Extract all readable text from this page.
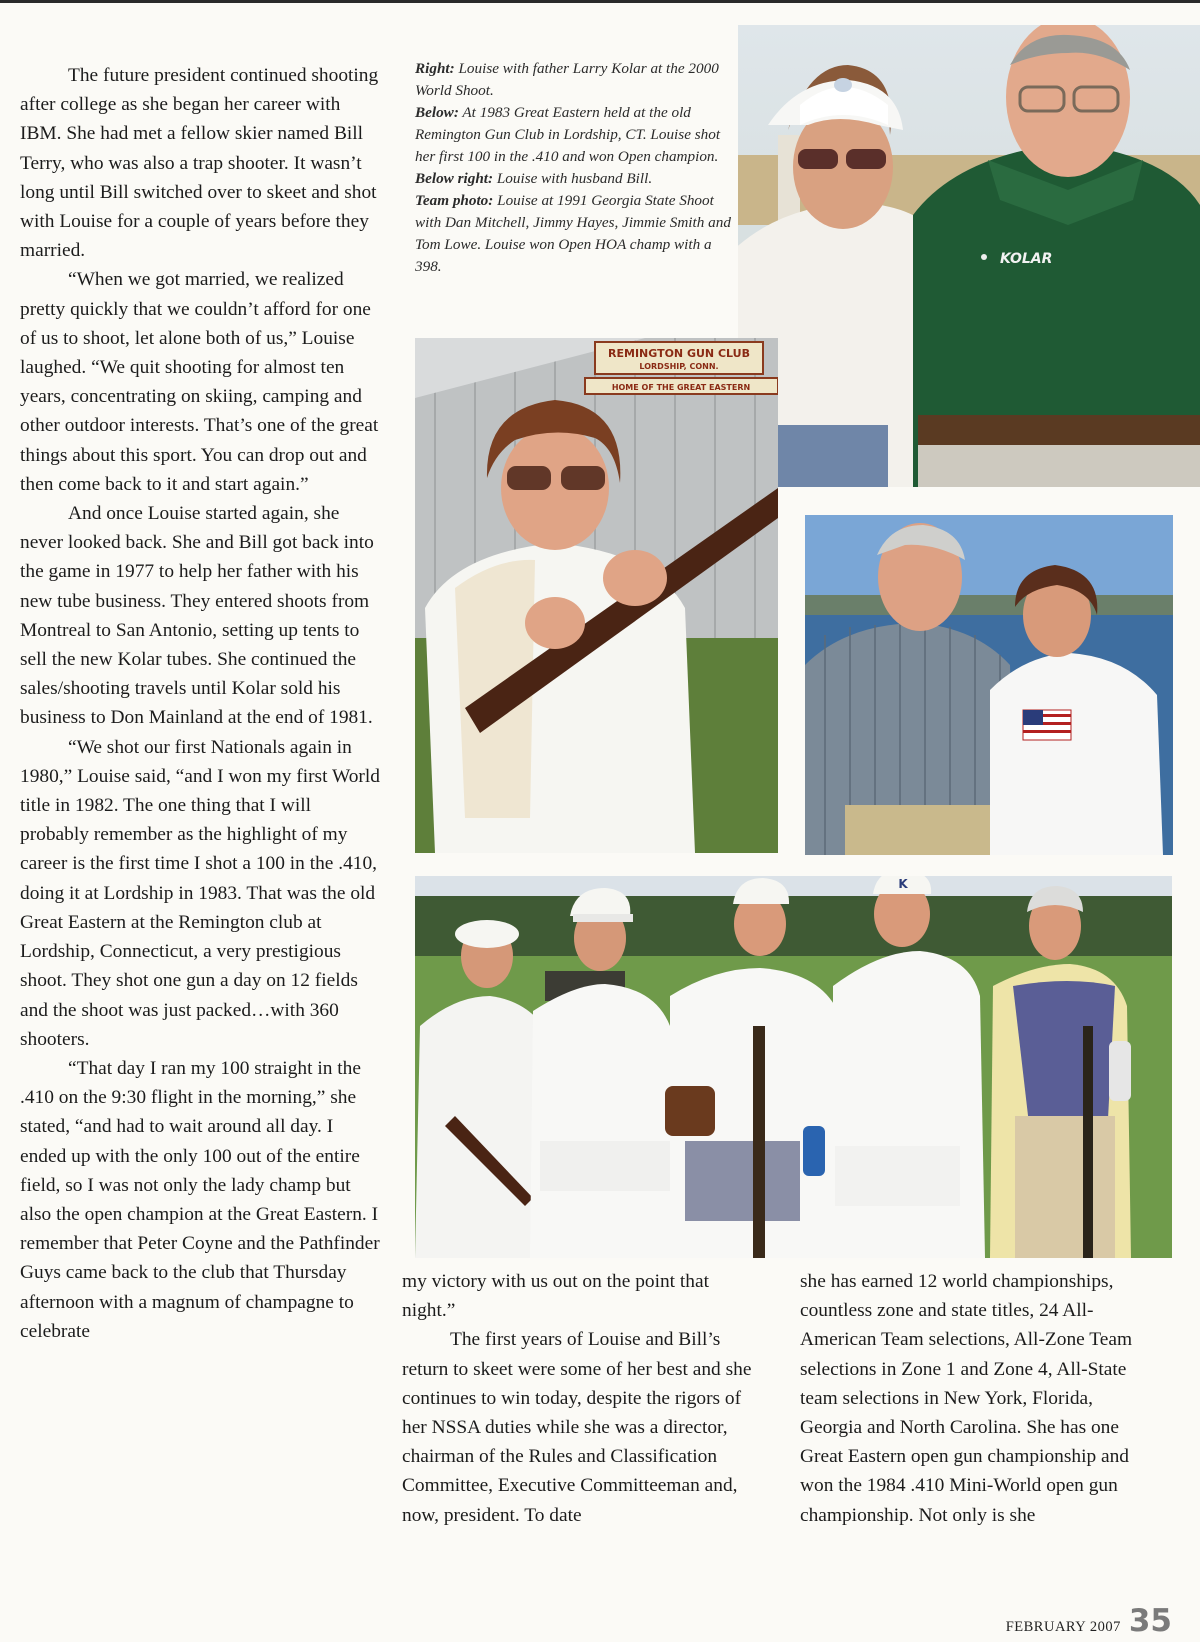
The future president continued shooting after college as she began her career with IBM. She had met a fellow skier named Bill Terry, who was also a trap shooter. It wasn’t long until Bill switched over to skeet and shot with Louise for a couple of years before they married.

“When we got married, we realized pretty quickly that we couldn’t afford for one of us to shoot, let alone both of us,” Louise laughed. “We quit shooting for almost ten years, concentrating on skiing, camping and other outdoor interests. That’s one of the great things about this sport. You can drop out and then come back to it and start again.”

And once Louise started again, she never looked back. She and Bill got back into the game in 1977 to help her father with his new tube business. They entered shoots from Montreal to San Antonio, setting up tents to sell the new Kolar tubes. She continued the sales/shooting travels until Kolar sold his business to Don Mainland at the end of 1981.

“We shot our first Nationals again in 1980,” Louise said, “and I won my first World title in 1982. The one thing that I will probably remember as the highlight of my career is the first time I shot a 100 in the .410, doing it at Lordship in 1983. That was the old Great Eastern at the Remington club at Lordship, Connecticut, a very prestigious shoot. They shot one gun a day on 12 fields and the shoot was just packed…with 360 shooters.

“That day I ran my 100 straight in the .410 on the 9:30 flight in the morning,” she stated, “and had to wait around all day. I ended up with the only 100 out of the entire field, so I was not only the lady champ but also the open champion at the Great Eastern. I remember that Peter Coyne and the Pathfinder Guys came back to the club that Thursday afternoon with a magnum of champagne to celebrate

Right: Louise with father Larry Kolar at the 2000 World Shoot.
Below: At 1983 Great Eastern held at the old Remington Gun Club in Lordship, CT. Louise shot her first 100 in the .410 and won Open champion.
Below right: Louise with husband Bill.
Team photo: Louise at 1991 Georgia State Shoot with Dan Mitchell, Jimmy Hayes, Jimmie Smith and Tom Lowe. Louise won Open HOA champ with a 398.	KOLAR
REMINGTON GUN CLUB
LORDSHIP, CONN.
HOME OF THE GREAT EASTERN
K

my victory with us out on the point that night.”

The first years of Louise and Bill’s return to skeet were some of her best and she continues to win today, despite the rigors of her NSSA duties while she was a director, chairman of the Rules and Classification Committee, Executive Committeeman and, now, president. To date

she has earned 12 world championships, countless zone and state titles, 24 All-American Team selections, All-Zone Team selections in Zone 1 and Zone 4, All-State team selections in New York, Florida, Georgia and North Carolina. She has one Great Eastern open gun championship and won the 1984 .410 Mini-World open gun championship. Not only is she

FEBRUARY 2007 35
